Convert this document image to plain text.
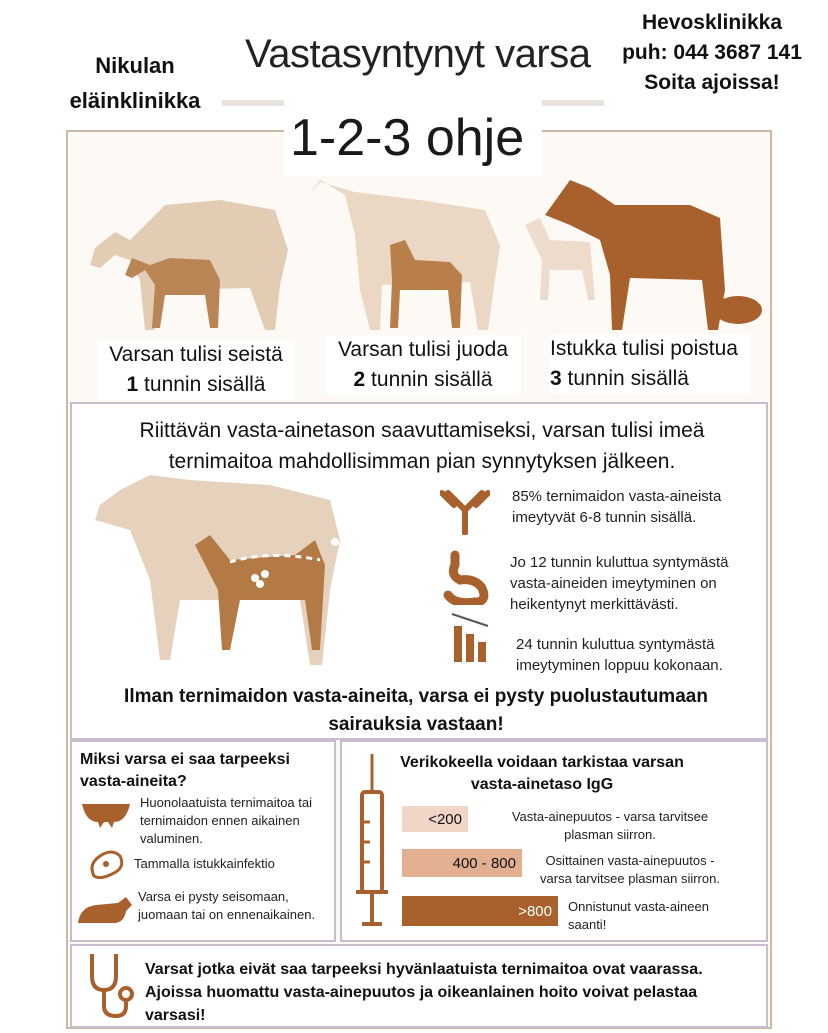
Vastasyntynyt varsa
Nikulan eläinklinikka
Hevosklinikka
puh: 044 3687 141
Soita ajoissa!
1-2-3 ohje
Varsan tulisi seistä
1 tunnin sisällä
Varsan tulisi juoda
2 tunnin sisällä
Istukka tulisi poistua
3 tunnin sisällä
Riittävän vasta-ainetason saavuttamiseksi, varsan tulisi imeä ternimaitoa mahdollisimman pian synnytyksen jälkeen.
85% ternimaidon vasta-aineista imeytyvät 6-8 tunnin sisällä.
Jo 12 tunnin kuluttua syntymästä vasta-aineiden imeytyminen on heikentynyt merkittävästi.
24 tunnin kuluttua syntymästä imeytyminen loppuu kokonaan.
Ilman ternimaidon vasta-aineita, varsa ei pysty puolustautumaan sairauksia vastaan!
Miksi varsa ei saa tarpeeksi vasta-aineita?
Huonolaatuista ternimaitoa tai ternimaidon ennen aikainen valuminen.
Tammalla istukkainfektio
Varsa ei pysty seisomaan, juomaan tai on ennenaikainen.
Verikokeella voidaan tarkistaa varsan vasta-ainetaso IgG
<200	Vasta-ainepuutos - varsa tarvitsee plasman siirron.
400 - 800	Osittainen vasta-ainepuutos - varsa tarvitsee plasman siirron.
>800 Onnistunut vasta-aineen saanti!
Varsat jotka eivät saa tarpeeksi hyvänlaatuista ternimaitoa ovat vaarassa. Ajoissa huomattu vasta-ainepuutos ja oikeanlainen hoito voivat pelastaa varsasi!
